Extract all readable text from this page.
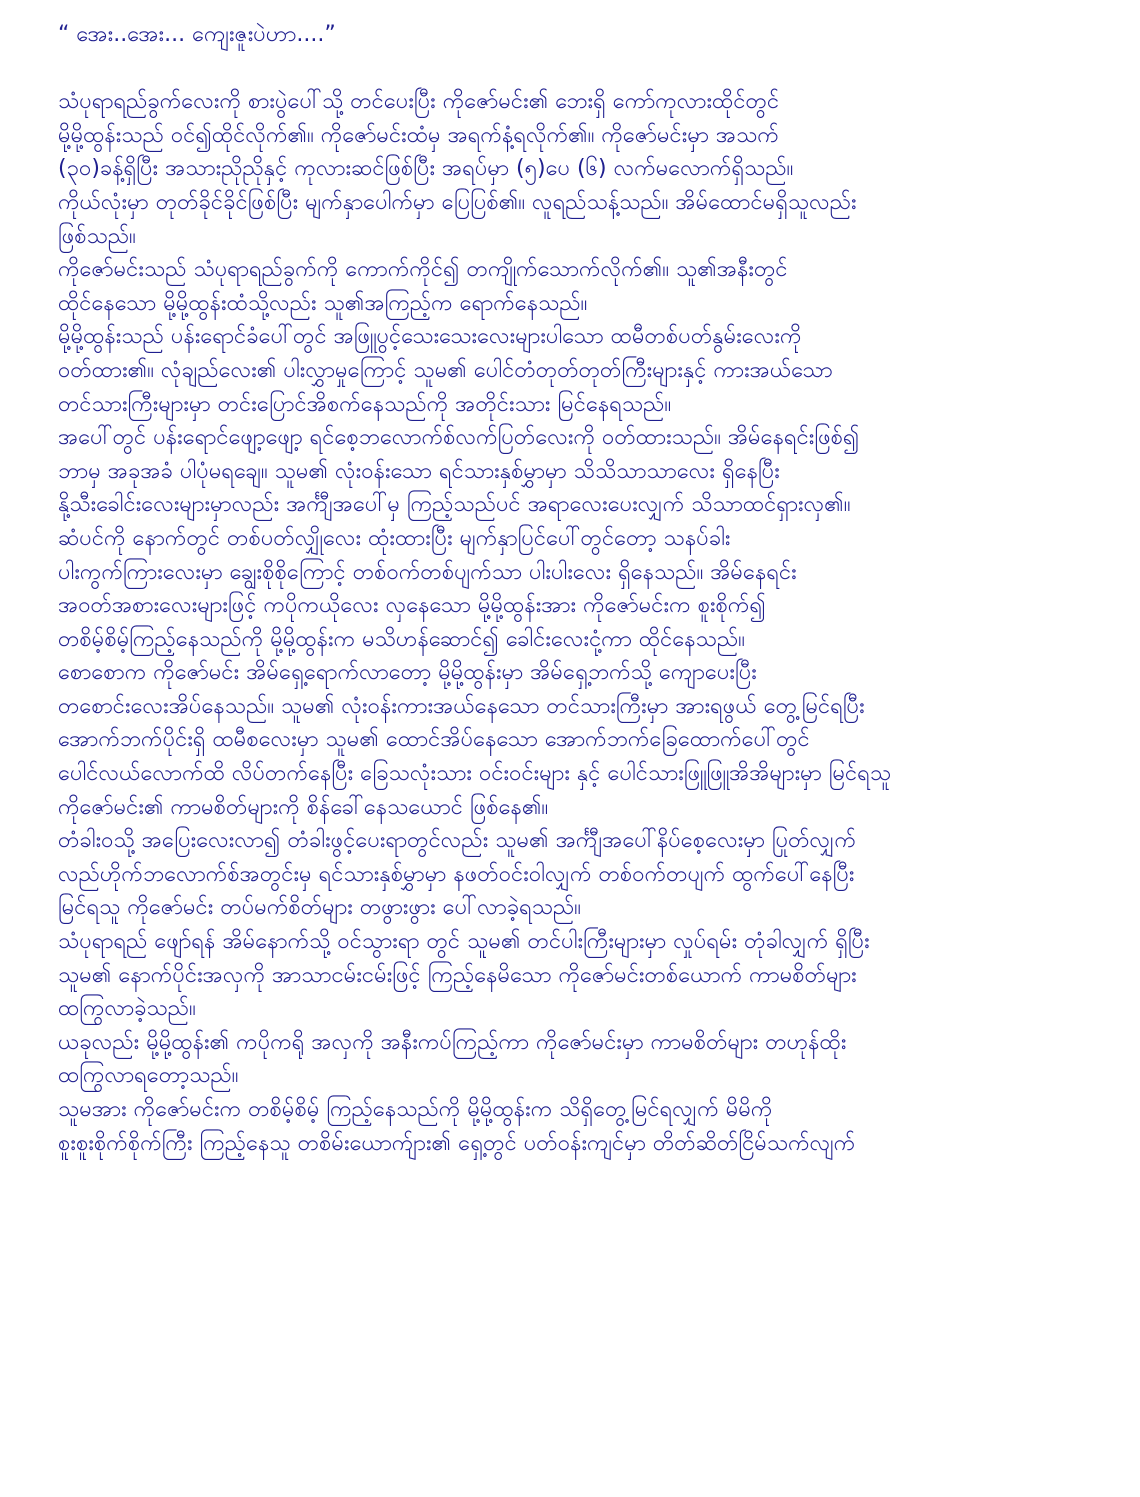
“ အေး..အေး... ကျေးဇူးပဲဟာ....”
သံပုရာရည်ခွက်လေးကို စားပွဲပေါ်သို့ တင်ပေးပြီး ကိုဇော်မင်း၏ ဘေးရှိ ကော်ကုလားထိုင်တွင်
မို့မို့ထွန်းသည် ဝင်၍ထိုင်လိုက်၏။ ကိုဇော်မင်းထံမှ အရက်နံ့ရလိုက်၏။ ကိုဇော်မင်းမှာ အသက်
(၃၀)ခန့်ရှိပြီး အသားညိုညိုနှင့် ကုလားဆင်ဖြစ်ပြီး အရပ်မှာ (၅)ပေ (၆) လက်မလောက်ရှိသည်။
ကိုယ်လုံးမှာ တုတ်ခိုင်ခိုင်ဖြစ်ပြီး မျက်နှာပေါက်မှာ ပြေပြစ်၏။ လူရည်သန့်သည်။ အိမ်ထောင်မရှိသူလည်း
ဖြစ်သည်။
ကိုဇော်မင်းသည် သံပုရာရည်ခွက်ကို ကောက်ကိုင်၍ တကျိုက်သောက်လိုက်၏။ သူ၏အနီးတွင်
ထိုင်နေသော မို့မို့ထွန်းထံသို့လည်း သူ၏အကြည့်က ရောက်နေသည်။
မို့မို့ထွန်းသည် ပန်းရောင်ခံပေါ်တွင် အဖြူပွင့်သေးသေးလေးများပါသော ထမီတစ်ပတ်နွမ်းလေးကို
ဝတ်ထား၏။ လုံချည်လေး၏ ပါးလွှာမှုကြောင့် သူမ၏ ပေါင်တံတုတ်တုတ်ကြီးများနှင့် ကားအယ်သော
တင်သားကြီးများမှာ တင်းပြောင်အိစက်နေသည်ကို အတိုင်းသား မြင်နေရသည်။
အပေါ်တွင် ပန်းရောင်ဖျော့ဖျော့ ရင်စေ့ဘလောက်စ်လက်ပြတ်လေးကို ဝတ်ထားသည်။ အိမ်နေရင်းဖြစ်၍
ဘာမှ အခုအခံ ပါပုံမရချေ။ သူမ၏ လုံးဝန်းသော ရင်သားနှစ်မွှာမှာ သိသိသာသာလေး ရှိနေပြီး
နို့သီးခေါင်းလေးများမှာလည်း အင်္ကျီအပေါ်မှ ကြည့်သည်ပင် အရာလေးပေးလျှက် သိသာထင်ရှားလှ၏။
ဆံပင်ကို နောက်တွင် တစ်ပတ်လျှိုလေး ထုံးထားပြီး မျက်နှာပြင်ပေါ်တွင်တော့ သနပ်ခါး
ပါးကွက်ကြားလေးမှာ ချွေးစိုစိုကြောင့် တစ်ဝက်တစ်ပျက်သာ ပါးပါးလေး ရှိနေသည်။ အိမ်နေရင်း
အဝတ်အစားလေးများဖြင့် ကပိုကယိုလေး လှနေသော မို့မို့ထွန်းအား ကိုဇော်မင်းက စူးစိုက်၍
တစိမ့်စိမ့်ကြည့်နေသည်ကို မို့မို့ထွန်းက မသိဟန်ဆောင်၍ ခေါင်းလေးငုံ့ကာ ထိုင်နေသည်။
စောစောက ကိုဇော်မင်း အိမ်ရှေ့ရောက်လာတော့ မို့မို့ထွန်းမှာ အိမ်ရှေ့ဘက်သို့ ကျောပေးပြီး
တစောင်းလေးအိပ်နေသည်။ သူမ၏ လုံးဝန်းကားအယ်နေသော တင်သားကြီးမှာ အားရဖွယ် တွေ့မြင်ရပြီး
အောက်ဘက်ပိုင်းရှိ ထမီစလေးမှာ သူမ၏ ထောင်အိပ်နေသော အောက်ဘက်ခြေထောက်ပေါ်တွင်
ပေါင်လယ်လောက်ထိ လိပ်တက်နေပြီး ခြေသလုံးသား ဝင်းဝင်းများ နှင့် ပေါင်သားဖြူဖြူအိအိများမှာ မြင်ရသူ
ကိုဇော်မင်း၏ ကာမစိတ်များကို စိန်ခေါ်နေသယောင် ဖြစ်နေ၏။
တံခါးဝသို့ အပြေးလေးလာ၍ တံခါးဖွင့်ပေးရာတွင်လည်း သူမ၏ အင်္ကျီအပေါ်နိပ်စေ့လေးမှာ ပြုတ်လျှက်
လည်ဟိုက်ဘလောက်စ်အတွင်းမှ ရင်သားနှစ်မွှာမှာ နဖတ်ဝင်းဝါလျှက် တစ်ဝက်တပျက် ထွက်ပေါ်နေပြီး
မြင်ရသူ ကိုဇော်မင်း တပ်မက်စိတ်များ တဖွားဖွား ပေါ်လာခဲ့ရသည်။
သံပုရာရည် ဖျော်ရန် အိမ်နောက်သို့ ဝင်သွားရာ တွင် သူမ၏ တင်ပါးကြီးများမှာ လှုပ်ရမ်း တုံခါလျှက် ရှိပြီး
သူမ၏ နောက်ပိုင်းအလှကို အာသာငမ်းငမ်းဖြင့် ကြည့်နေမိသော ကိုဇော်မင်းတစ်ယောက် ကာမစိတ်များ
ထကြွလာခဲ့သည်။
ယခုလည်း မို့မို့ထွန်း၏ ကပိုကရို အလှကို အနီးကပ်ကြည့်ကာ ကိုဇော်မင်းမှာ ကာမစိတ်များ တဟုန်ထိုး
ထကြွလာရတော့သည်။
သူမအား ကိုဇော်မင်းက တစိမ့်စိမ့် ကြည့်နေသည်ကို မို့မို့ထွန်းက သိရှိတွေ့မြင်ရလျှက် မိမိကို
စူးစူးစိုက်စိုက်ကြီး ကြည့်နေသူ တစိမ်းယောက်ျား၏ ရှေ့တွင် ပတ်ဝန်းကျင်မှာ တိတ်ဆိတ်ငြိမ်သက်လျက်
